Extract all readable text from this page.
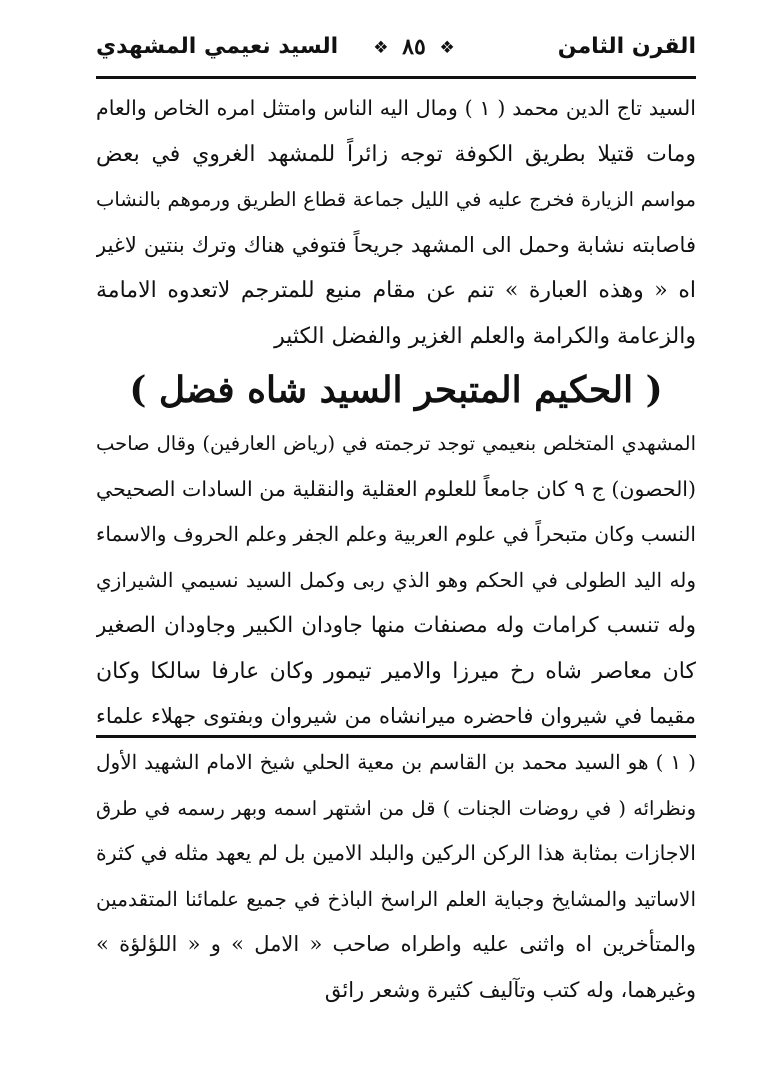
القرن الثامن
❖ ٨٥ ❖
السيد نعيمي المشهدي
السيد تاج الدين محمد ( ١ ) ومال اليه الناس وامتثل امره الخاص والعام
ومات قتيلا بطريق الكوفة توجه زائراً للمشهد الغروي في بعض
مواسم الزيارة فخرج عليه في الليل جماعة قطاع الطريق ورموهم بالنشاب
فاصابته نشابة وحمل الى المشهد جريحاً فتوفي هناك وترك بنتين لاغير
اه « وهذه العبارة » تنم عن مقام منيع للمترجم لاتعدوه الامامة
والزعامة والكرامة والعلم الغزير والفضل الكثير
( الحكيم المتبحر السيد شاه فضل )
المشهدي المتخلص بنعيمي توجد ترجمته في (رياض العارفين) وقال صاحب
(الحصون) ج ٩ كان جامعاً للعلوم العقلية والنقلية من السادات الصحيحي
النسب وكان متبحراً في علوم العربية وعلم الجفر وعلم الحروف والاسماء
وله اليد الطولى في الحكم وهو الذي ربى وكمل السيد نسيمي الشيرازي
وله تنسب كرامات وله مصنفات منها جاودان الكبير وجاودان الصغير
كان معاصر شاه رخ ميرزا والامير تيمور وكان عارفا سالكا وكان
مقيما في شيروان فاحضره ميرانشاه من شيروان وبفتوى جهلاء علماء
( ١ ) هو السيد محمد بن القاسم بن معية الحلي شيخ الامام الشهيد الأول
ونظرائه ( في روضات الجنات ) قل من اشتهر اسمه وبهر رسمه في طرق
الاجازات بمثابة هذا الركن الركين والبلد الامين بل لم يعهد مثله في كثرة
الاساتيد والمشايخ وجباية العلم الراسخ الباذخ في جميع علمائنا المتقدمين
والمتأخرين اه واثنى عليه واطراه صاحب « الامل » و « اللؤلؤة »
وغيرهما، وله كتب وتآليف كثيرة وشعر رائق
